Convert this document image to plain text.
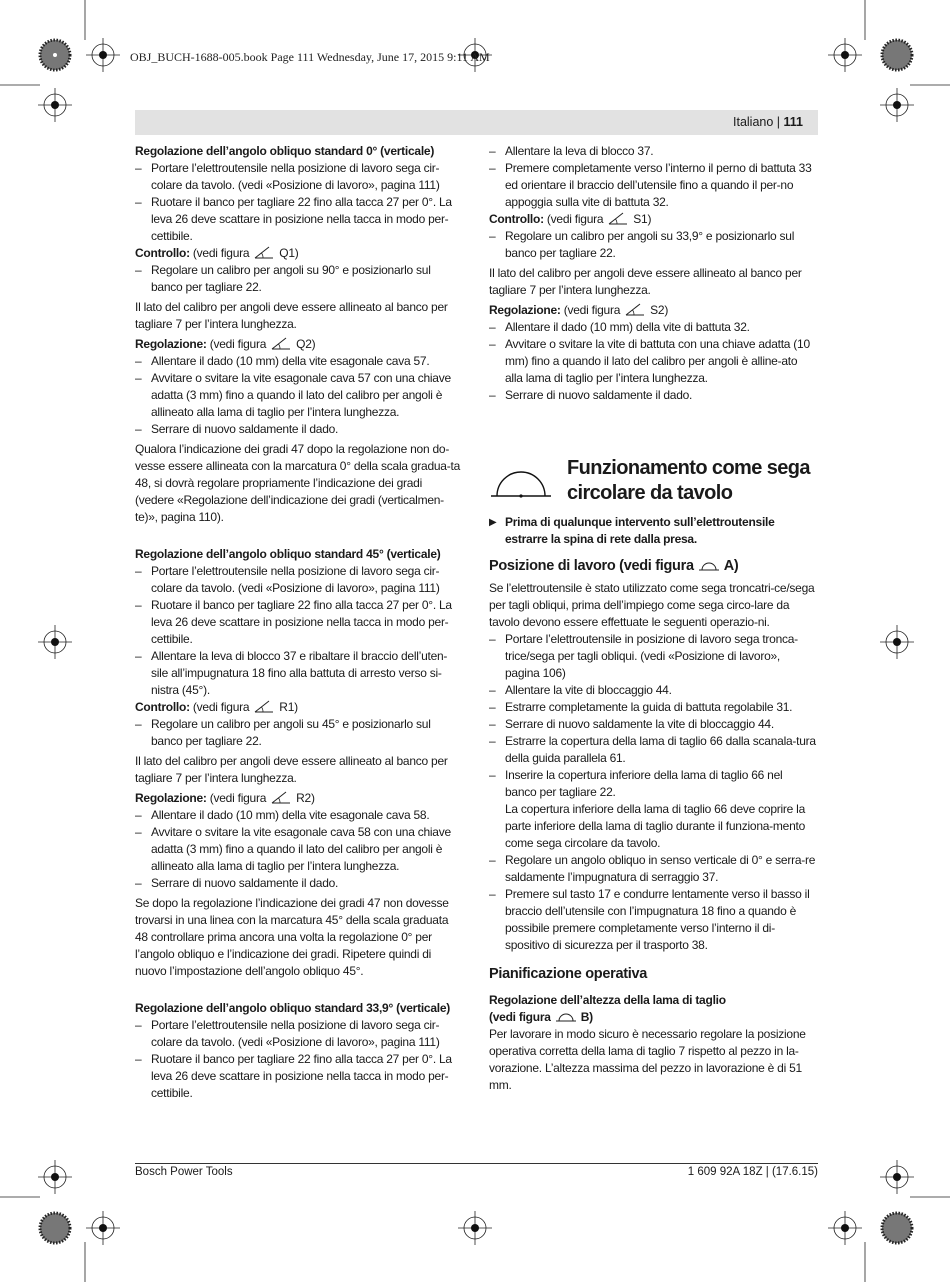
OBJ_BUCH-1688-005.book Page 111 Wednesday, June 17, 2015 9:11 AM
Italiano | 111

Regolazione dell’angolo obliquo standard 0° (verticale)

– Portare l’elettroutensile nella posizione di lavoro sega cir-colare da tavolo. (vedi «Posizione di lavoro», pagina 111)
– Ruotare il banco per tagliare 22 fino alla tacca 27 per 0°. La leva 26 deve scattare in posizione nella tacca in modo per-cettibile.

Controllo: (vedi figura	Q1)

– Regolare un calibro per angoli su 90° e posizionarlo sul banco per tagliare 22.

Il lato del calibro per angoli deve essere allineato al banco per tagliare 7 per l’intera lunghezza.

Regolazione: (vedi figura	Q2)

– Allentare il dado (10 mm) della vite esagonale cava 57.
– Avvitare o svitare la vite esagonale cava 57 con una chiave adatta (3 mm) fino a quando il lato del calibro per angoli è allineato alla lama di taglio per l’intera lunghezza.
– Serrare di nuovo saldamente il dado.

Qualora l’indicazione dei gradi 47 dopo la regolazione non do-vesse essere allineata con la marcatura 0° della scala gradua-ta 48, si dovrà regolare propriamente l’indicazione dei gradi (vedere «Regolazione dell’indicazione dei gradi (verticalmen-te)», pagina 110).

Regolazione dell’angolo obliquo standard 45° (verticale)

– Portare l’elettroutensile nella posizione di lavoro sega cir-colare da tavolo. (vedi «Posizione di lavoro», pagina 111)
– Ruotare il banco per tagliare 22 fino alla tacca 27 per 0°. La leva 26 deve scattare in posizione nella tacca in modo per-cettibile.
– Allentare la leva di blocco 37 e ribaltare il braccio dell’uten-sile all’impugnatura 18 fino alla battuta di arresto verso si-nistra (45°).

Controllo: (vedi figura	R1)

– Regolare un calibro per angoli su 45° e posizionarlo sul banco per tagliare 22.

Il lato del calibro per angoli deve essere allineato al banco per tagliare 7 per l’intera lunghezza.

Regolazione: (vedi figura	R2)

– Allentare il dado (10 mm) della vite esagonale cava 58.
– Avvitare o svitare la vite esagonale cava 58 con una chiave adatta (3 mm) fino a quando il lato del calibro per angoli è allineato alla lama di taglio per l’intera lunghezza.
– Serrare di nuovo saldamente il dado.

Se dopo la regolazione l’indicazione dei gradi 47 non dovesse trovarsi in una linea con la marcatura 45° della scala graduata 48 controllare prima ancora una volta la regolazione 0° per l’angolo obliquo e l’indicazione dei gradi. Ripetere quindi di nuovo l’impostazione dell’angolo obliquo 45°.

Regolazione dell’angolo obliquo standard 33,9° (verticale)

– Portare l’elettroutensile nella posizione di lavoro sega cir-colare da tavolo. (vedi «Posizione di lavoro», pagina 111)
– Ruotare il banco per tagliare 22 fino alla tacca 27 per 0°. La leva 26 deve scattare in posizione nella tacca in modo per-cettibile.
– Allentare la leva di blocco 37.
– Premere completamente verso l’interno il perno di battuta 33 ed orientare il braccio dell’utensile fino a quando il per-no appoggia sulla vite di battuta 32.

Controllo: (vedi figura	S1)

– Regolare un calibro per angoli su 33,9° e posizionarlo sul banco per tagliare 22.

Il lato del calibro per angoli deve essere allineato al banco per tagliare 7 per l’intera lunghezza.

Regolazione: (vedi figura	S2)

– Allentare il dado (10 mm) della vite di battuta 32.
– Avvitare o svitare la vite di battuta con una chiave adatta (10 mm) fino a quando il lato del calibro per angoli è alline-ato alla lama di taglio per l’intera lunghezza.
– Serrare di nuovo saldamente il dado.

Funzionamento come sega

circolare da tavolo

▶ Prima di qualunque intervento sull’elettroutensile estrarre la spina di rete dalla presa.

Posizione di lavoro (vedi figura A)

Se l’elettroutensile è stato utilizzato come sega troncatri-ce/sega per tagli obliqui, prima dell’impiego come sega circo-lare da tavolo devono essere effettuate le seguenti operazio-ni.

– Portare l’elettroutensile in posizione di lavoro sega tronca-trice/sega per tagli obliqui. (vedi «Posizione di lavoro», pagina 106)
– Allentare la vite di bloccaggio 44.
– Estrarre completamente la guida di battuta regolabile 31.
– Serrare di nuovo saldamente la vite di bloccaggio 44.
– Estrarre la copertura della lama di taglio 66 dalla scanala-tura della guida parallela 61.
– Inserire la copertura inferiore della lama di taglio 66 nel banco per tagliare 22.

La copertura inferiore della lama di taglio 66 deve coprire la parte inferiore della lama di taglio durante il funziona-mento come sega circolare da tavolo.

– Regolare un angolo obliquo in senso verticale di 0° e serra-re saldamente l’impugnatura di serraggio 37.
– Premere sul tasto 17 e condurre lentamente verso il basso il braccio dell’utensile con l’impugnatura 18 fino a quando è possibile premere completamente verso l’interno il di-spositivo di sicurezza per il trasporto 38.

Pianificazione operativa

Regolazione dell’altezza della lama di taglio

(vedi figura	B)

Per lavorare in modo sicuro è necessario regolare la posizione operativa corretta della lama di taglio 7 rispetto al pezzo in la-vorazione. L’altezza massima del pezzo in lavorazione è di 51 mm.

Bosch Power Tools	1 609 92A 18Z | (17.6.15)
